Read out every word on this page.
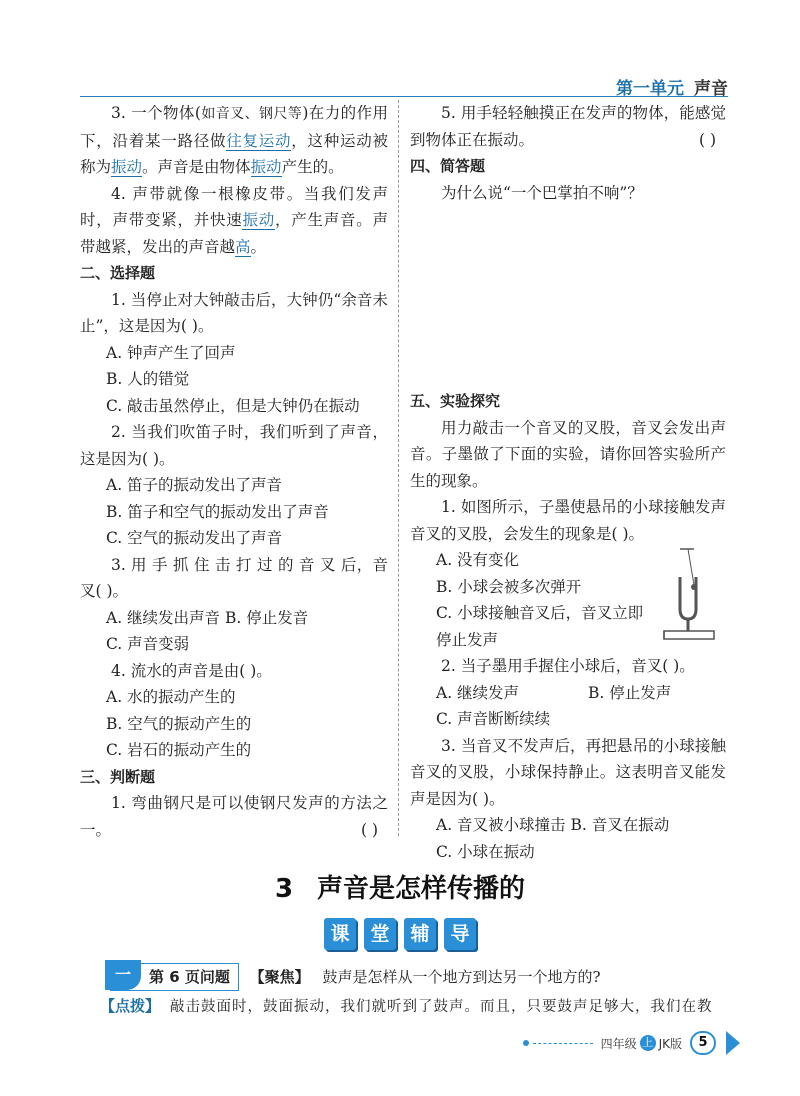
第一单元 声音

3. 一个物体(如音叉、钢尺等)在力的作用下，沿着某一路径做往复运动，这种运动被称为振动。声音是由物体振动产生的。

4. 声带就像一根橡皮带。当我们发声时，声带变紧，并快速振动，产生声音。声带越紧，发出的声音越高。

二、选择题

1. 当停止对大钟敲击后，大钟仍“余音未止”，这是因为( )。

A. 钟声产生了回声

B. 人的错觉

C. 敲击虽然停止，但是大钟仍在振动

2. 当我们吹笛子时，我们听到了声音，这是因为( )。

A. 笛子的振动发出了声音

B. 笛子和空气的振动发出了声音

C. 空气的振动发出了声音

3. 用 手 抓 住 击 打 过 的 音 叉 后，音

叉( )。

A. 继续发出声音 B. 停止发音

C. 声音变弱

4. 流水的声音是由( )。

A. 水的振动产生的

B. 空气的振动产生的

C. 岩石的振动产生的

三、判断题

1. 弯曲钢尺是可以使钢尺发声的方法之一。	( )

5. 用手轻轻触摸正在发声的物体，能感觉到物体正在振动。	( )

四、简答题

为什么说“一个巴掌拍不响”？

五、实验探究

用力敲击一个音叉的叉股，音叉会发出声音。子墨做了下面的实验，请你回答实验所产生的现象。

1. 如图所示，子墨使悬吊的小球接触发声音叉的叉股，会发生的现象是( )。

A. 没有变化

B. 小球会被多次弹开

C. 小球接触音叉后，音叉立即

停止发声

2. 当子墨用手握住小球后，音叉( )。

A. 继续发声              B. 停止发声

C. 声音断断续续

3. 当音叉不发声后，再把悬吊的小球接触音叉的叉股，小球保持静止。这表明音叉能发声是因为( )。

A. 音叉被小球撞击 B. 音叉在振动

C. 小球在振动

3 声音是怎样传播的
课 堂 辅 导
一	第 6 页问题 【聚焦】 鼓声是怎样从一个地方到达另一个地方的?
【点拨】 敲击鼓面时，鼓面振动，我们就听到了鼓声。而且，只要鼓声足够大，我们在教
四年级 上 JK版	5
